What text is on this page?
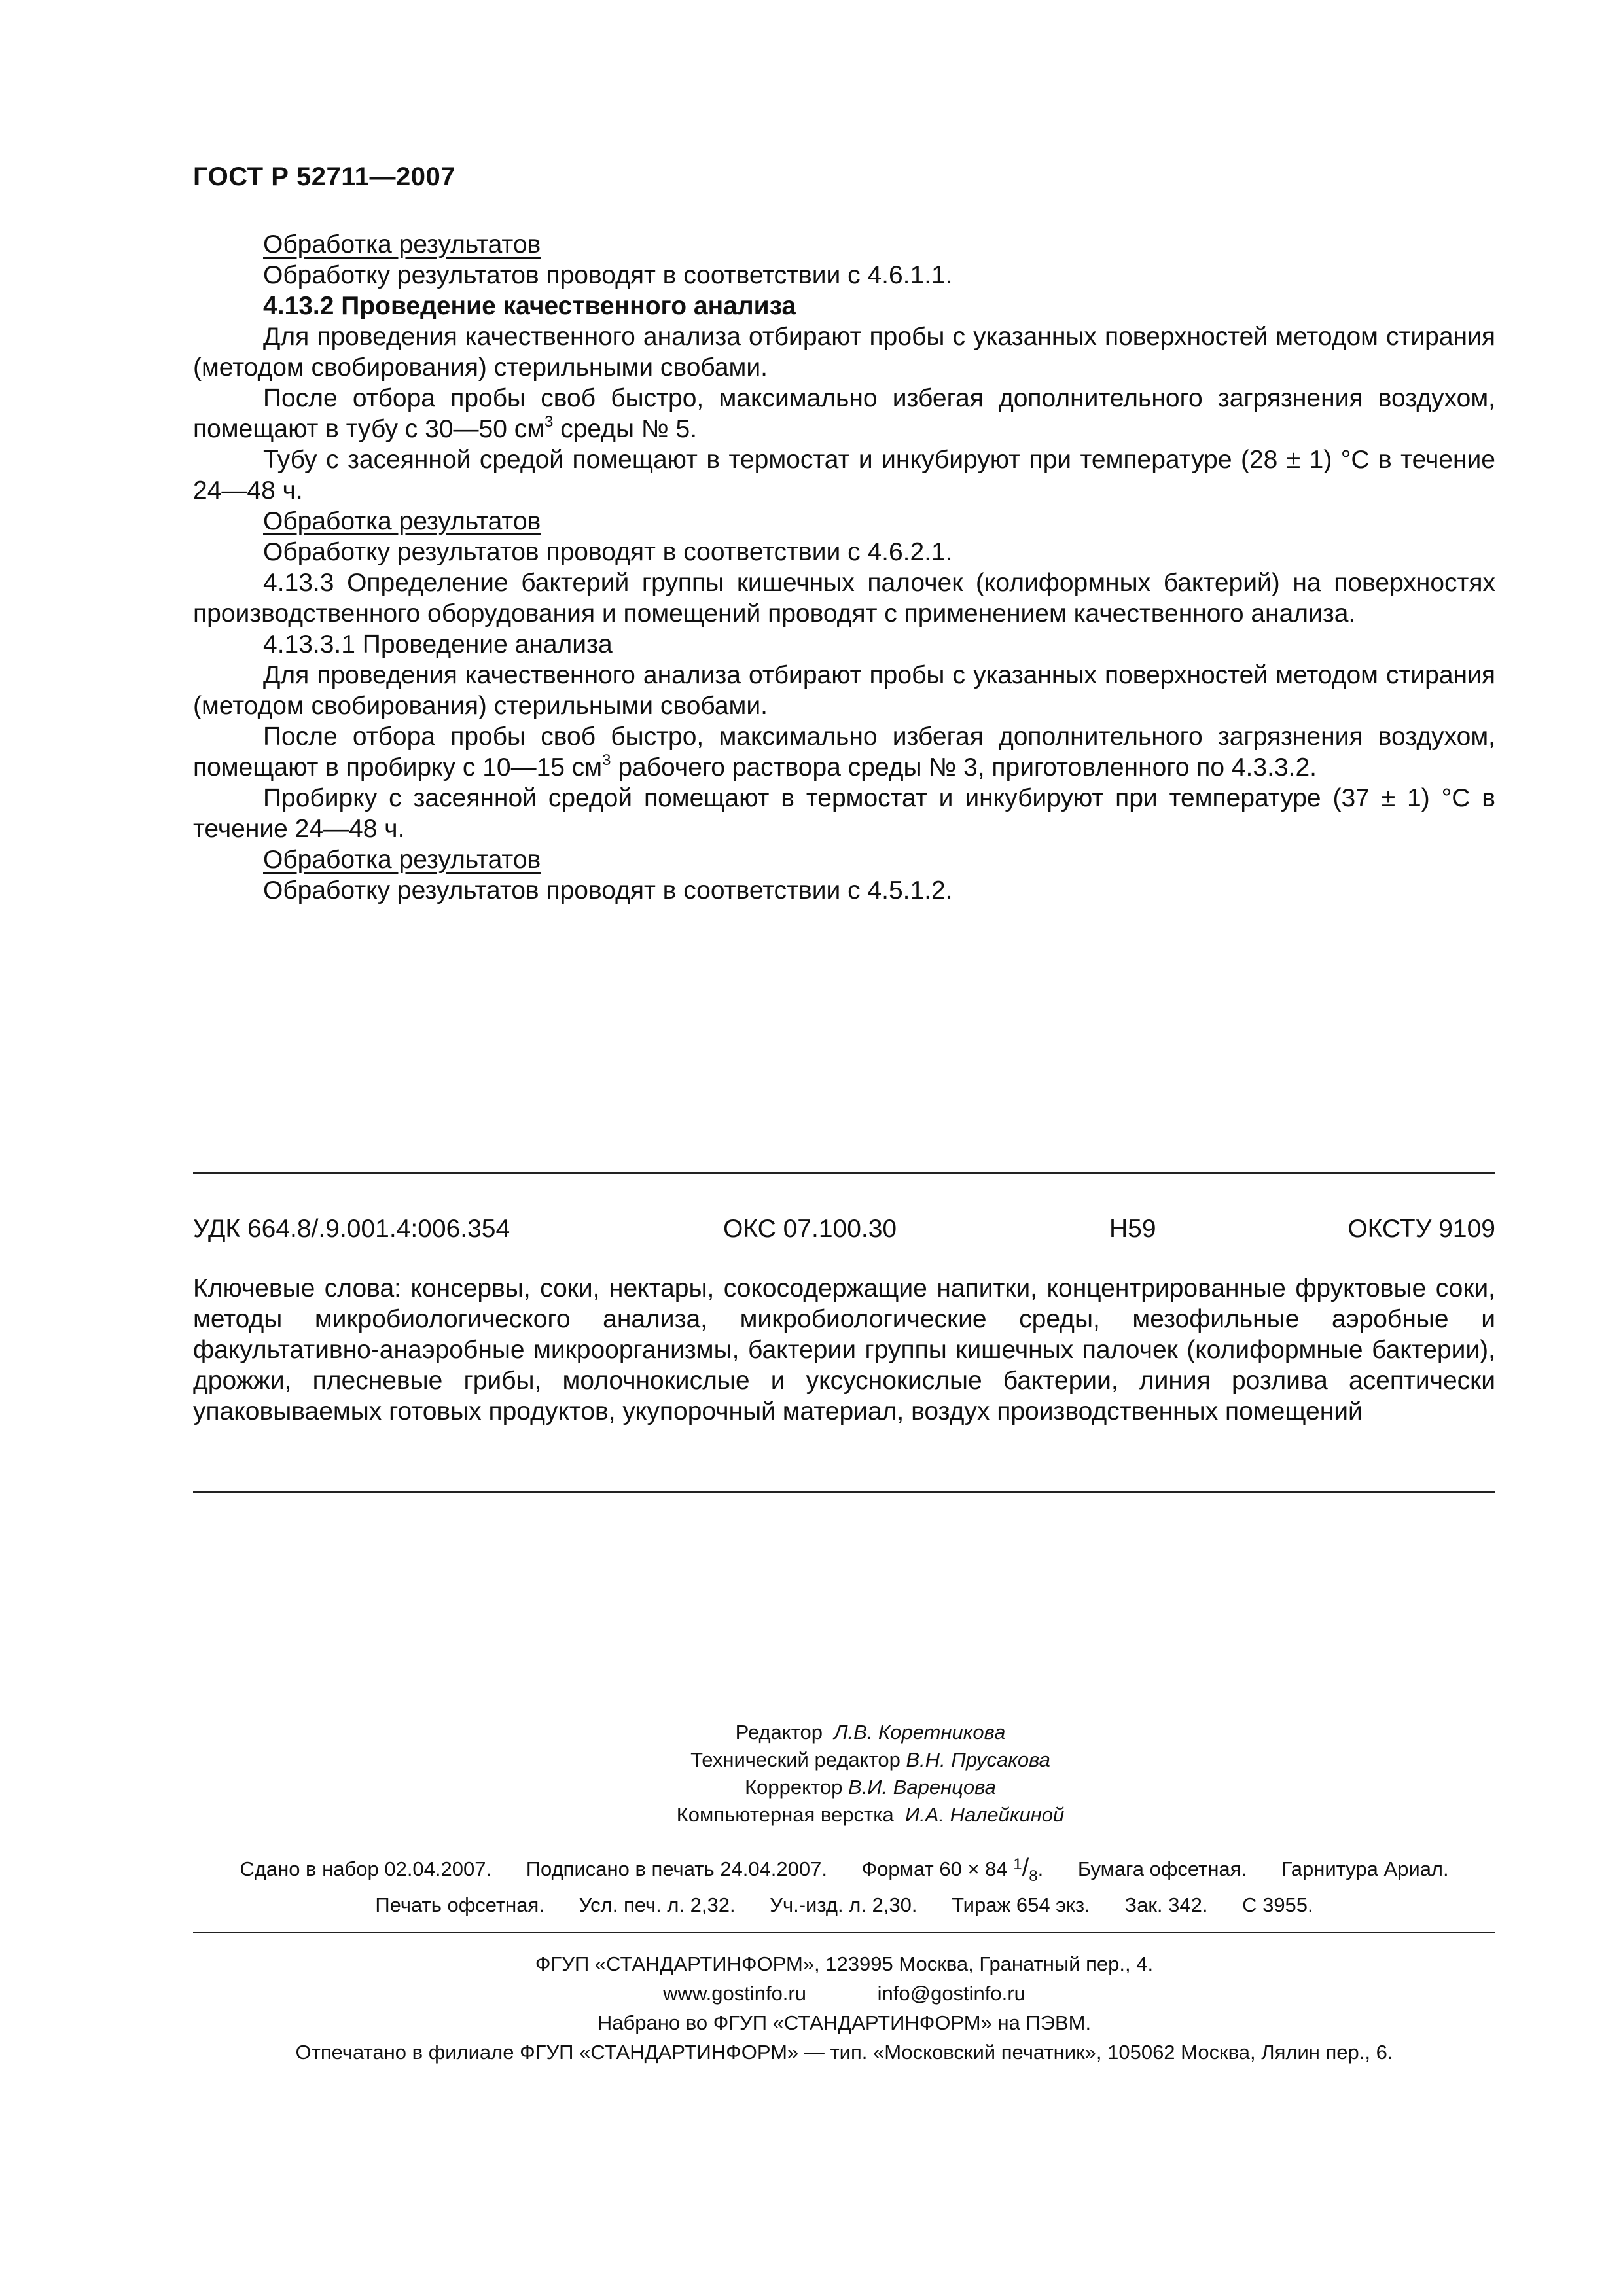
ГОСТ Р 52711—2007

Обработка результатов

Обработку результатов проводят в соответствии с 4.6.1.1.

4.13.2 Проведение качественного анализа

Для проведения качественного анализа отбирают пробы с указанных поверхностей методом стирания (методом свобирования) стерильными свобами.

После отбора пробы своб быстро, максимально избегая дополнительного загрязнения воздухом, помещают в тубу с 30—50 $см^3$ среды № 5.

Тубу с засеянной средой помещают в термостат и инкубируют при температуре (28 ± 1) °С в течение 24—48 ч.

Обработка результатов

Обработку результатов проводят в соответствии с 4.6.2.1.

4.13.3 Определение бактерий группы кишечных палочек (колиформных бактерий) на поверхностях производственного оборудования и помещений проводят с применением качественного анализа.

4.13.3.1 Проведение анализа

Для проведения качественного анализа отбирают пробы с указанных поверхностей методом стирания (методом свобирования) стерильными свобами.

После отбора пробы своб быстро, максимально избегая дополнительного загрязнения воздухом, помещают в пробирку с 10—15 $см^3$ рабочего раствора среды № 3, приготовленного по 4.3.3.2.

Пробирку с засеянной средой помещают в термостат и инкубируют при температуре (37 ± 1) °С в течение 24—48 ч.

Обработка результатов

Обработку результатов проводят в соответствии с 4.5.1.2.

УДК 664.8/.9.001.4:006.354	ОКС 07.100.30	Н59	ОКСТУ 9109

Ключевые слова: консервы, соки, нектары, сокосодержащие напитки, концентрированные фруктовые соки, методы микробиологического анализа, микробиологические среды, мезофильные аэробные и факультативно-анаэробные микроорганизмы, бактерии группы кишечных палочек (колиформные бактерии), дрожжи, плесневые грибы, молочнокислые и уксуснокислые бактерии, линия розлива асептически упаковываемых готовых продуктов, укупорочный материал, воздух производственных помещений

Редактор Л.В. Коретникова
Технический редактор В.Н. Прусакова
Корректор В.И. Варенцова
Компьютерная верстка И.А. Налейкиной
Сдано в набор 02.04.2007. Подписано в печать 24.04.2007. Формат 60 × 84 $^1/_8$. Бумага офсетная. Гарнитура Ариал.
Печать офсетная. Усл. печ. л. 2,32. Уч.-изд. л. 2,30. Тираж 654 экз. Зак. 342. С 3955.
ФГУП «СТАНДАРТИНФОРМ», 123995 Москва, Гранатный пер., 4.
www.gostinfo.ru	info@gostinfo.ru
Набрано во ФГУП «СТАНДАРТИНФОРМ» на ПЭВМ.
Отпечатано в филиале ФГУП «СТАНДАРТИНФОРМ» — тип. «Московский печатник», 105062 Москва, Лялин пер., 6.
